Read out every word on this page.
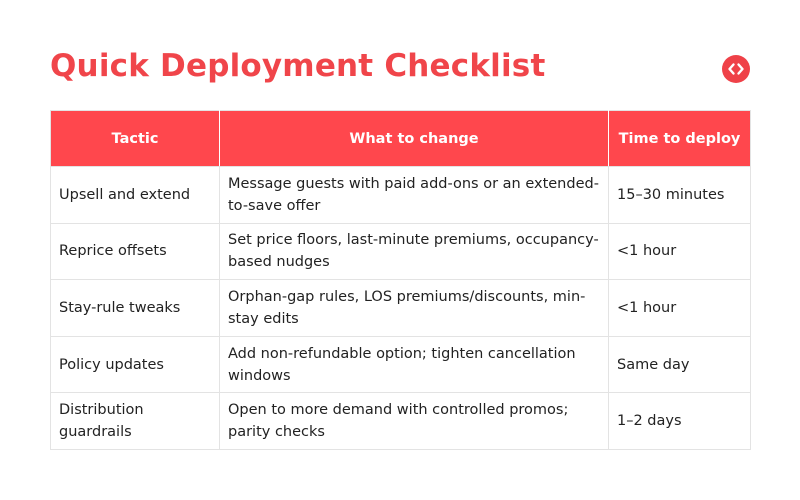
Quick Deployment Checklist
Tactic	What to change	Time to deploy
Upsell and extend	Message guests with paid add-ons or an extended-to-save offer	15–30 minutes
Reprice offsets	Set price floors, last-minute premiums, occupancy-based nudges	<1 hour
Stay-rule tweaks	Orphan-gap rules, LOS premiums/discounts, min-stay edits	<1 hour
Policy updates	Add non-refundable option; tighten cancellation windows	Same day
Distribution guardrails	Open to more demand with controlled promos; parity checks	1–2 days
